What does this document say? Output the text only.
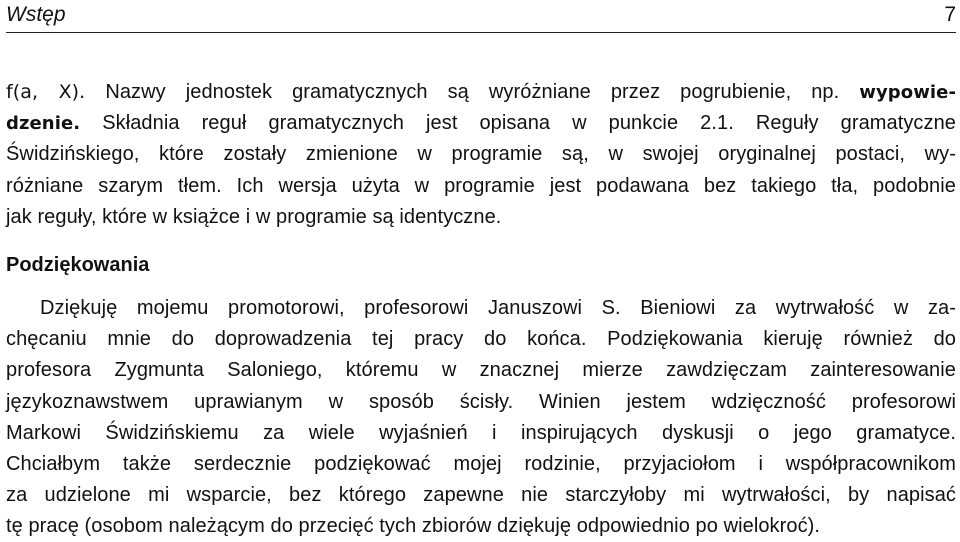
Wstęp	7
f(a, X). Nazwy jednostek gramatycznych są wyróżniane przez pogrubienie, np. wypowie-
dzenie. Składnia reguł gramatycznych jest opisana w punkcie 2.1. Reguły gramatyczne
Świdzińskiego, które zostały zmienione w programie są, w swojej oryginalnej postaci, wy-
różniane szarym tłem. Ich wersja użyta w programie jest podawana bez takiego tła, podobnie
jak reguły, które w książce i w programie są identyczne.
Podziękowania
Dziękuję mojemu promotorowi, profesorowi Januszowi S. Bieniowi za wytrwałość w za-
chęcaniu mnie do doprowadzenia tej pracy do końca. Podziękowania kieruję również do
profesora Zygmunta Saloniego, któremu w znacznej mierze zawdzięczam zainteresowanie
językoznawstwem uprawianym w sposób ścisły. Winien jestem wdzięczność profesorowi
Markowi Świdzińskiemu za wiele wyjaśnień i inspirujących dyskusji o jego gramatyce.
Chciałbym także serdecznie podziękować mojej rodzinie, przyjaciołom i współpracownikom
za udzielone mi wsparcie, bez którego zapewne nie starczyłoby mi wytrwałości, by napisać
tę pracę (osobom należącym do przecięć tych zbiorów dziękuję odpowiednio po wielokroć).
